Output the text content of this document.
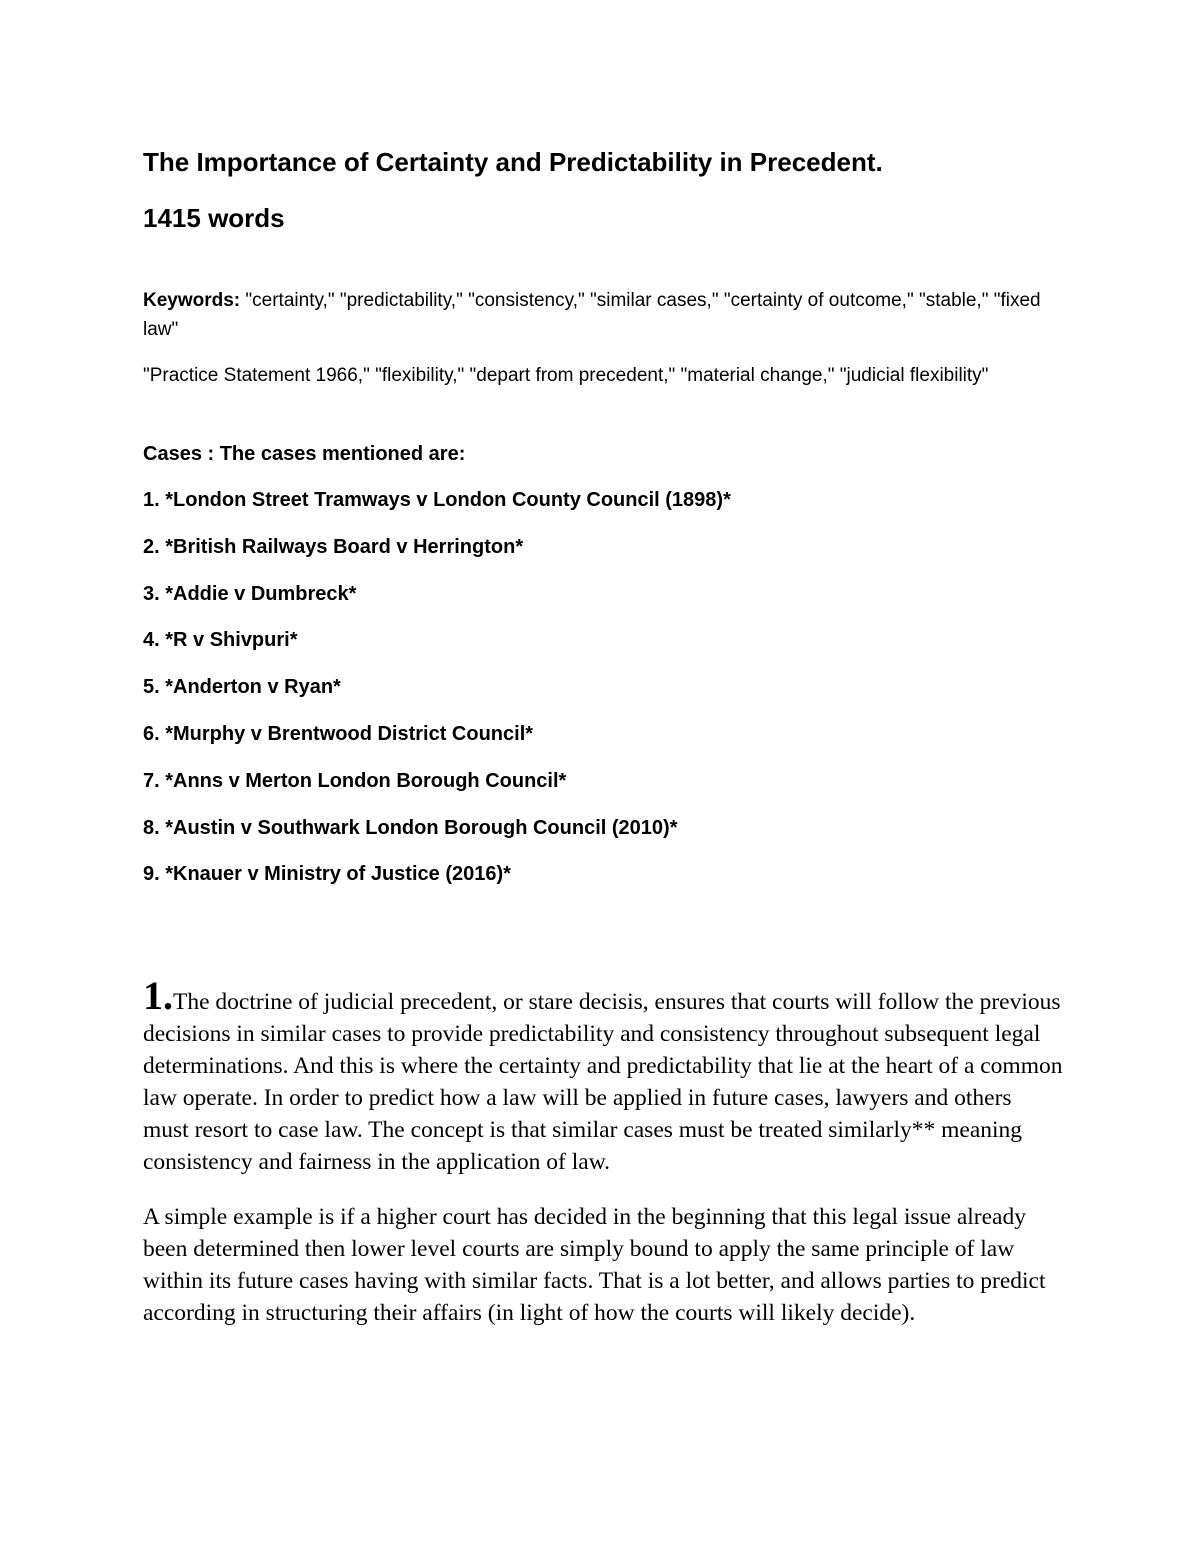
The Importance of Certainty and Predictability in Precedent.
1415 words

Keywords: "certainty," "predictability," "consistency," "similar cases," "certainty of outcome," "stable," "fixed law"

"Practice Statement 1966," "flexibility," "depart from precedent," "material change," "judicial flexibility"

Cases : The cases mentioned are:
1. *London Street Tramways v London County Council (1898)*
2. *British Railways Board v Herrington*
3. *Addie v Dumbreck*
4. *R v Shivpuri*
5. *Anderton v Ryan*
6. *Murphy v Brentwood District Council*
7. *Anns v Merton London Borough Council*
8. *Austin v Southwark London Borough Council (2010)*
9. *Knauer v Ministry of Justice (2016)*

1.The doctrine of judicial precedent, or stare decisis, ensures that courts will follow the previous decisions in similar cases to provide predictability and consistency throughout subsequent legal determinations. And this is where the certainty and predictability that lie at the heart of a common law operate. In order to predict how a law will be applied in future cases, lawyers and others must resort to case law. The concept is that similar cases must be treated similarly** meaning consistency and fairness in the application of law.

A simple example is if a higher court has decided in the beginning that this legal issue already been determined then lower level courts are simply bound to apply the same principle of law within its future cases having with similar facts. That is a lot better, and allows parties to predict according in structuring their affairs (in light of how the courts will likely decide).
